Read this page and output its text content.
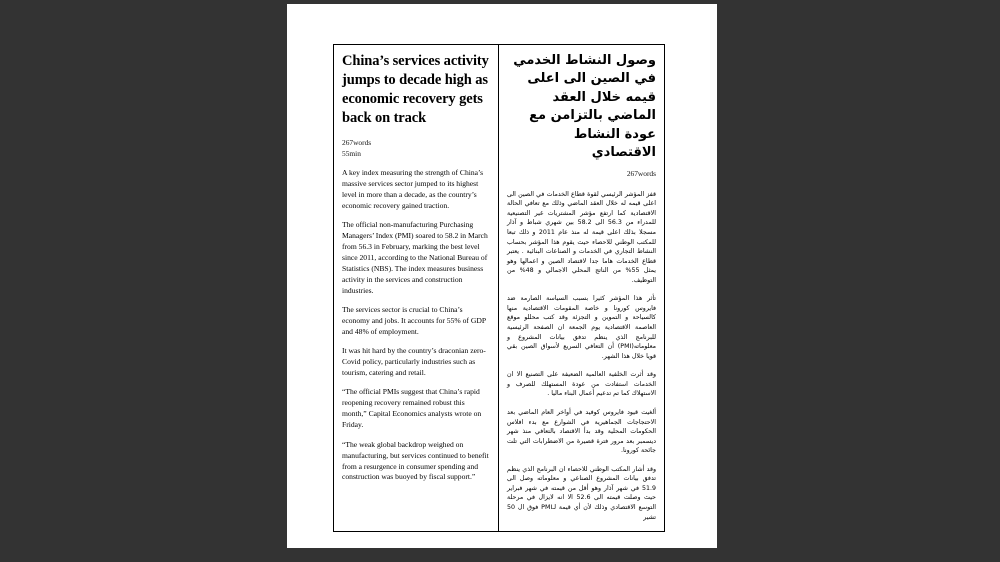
China’s services activity jumps to decade high as economic recovery gets back on track
267words
55min

A key index measuring the strength of China’s massive services sector jumped to its highest level in more than a decade, as the country’s economic recovery gained traction.

The official non-manufacturing Purchasing Managers’ Index (PMI) soared to 58.2 in March from 56.3 in February, marking the best level since 2011, according to the National Bureau of Statistics (NBS). The index measures business activity in the services and construction industries.

The services sector is crucial to China’s economy and jobs. It accounts for 55% of GDP and 48% of employment.

It was hit hard by the country’s draconian zero-Covid policy, particularly industries such as tourism, catering and retail.

“The official PMIs suggest that China’s rapid reopening recovery remained robust this month,” Capital Economics analysts wrote on Friday.

“The weak global backdrop weighed on manufacturing, but services continued to benefit from a resurgence in consumer spending and construction was buoyed by fiscal support.”

وصول النشاط الخدمي في الصين الى اعلى قيمه خلال العقد الماضي بالتزامن مع عودة النشاط الاقتصادي
267words

قفز المؤشر الرئيسي لقوة قطاع الخدمات في الصين الى اعلى قيمه له خلال العقد الماضي وذلك مع تعافي الحالة الاقتصادية كما ارتفع مؤشر المشتريات غير التصنيعية للمدراء من 56.3 الى 58.2 بين شهري شباط و آذار مسجلا بذلك اعلى قيمة له منذ عام 2011 و ذلك تبعا للمكتب الوطني للاحصاء حيث يقوم هذا المؤشر بحساب النشاط التجاري في الخدمات و الصناعات البنائية . يعتبر قطاع الخدمات هاما جدا لاقتصاد الصين و اعمالها وهو يمثل 55% من الناتج المحلي الاجمالي و 48% من التوظيف.

تأثر هذا المؤشر كثيرا بسبب السياسة الصارمة ضد فايروس كورونا و خاصة المقومات الاقتصادية منها كالسياحة و التموين و التجزئة وقد كتب محللو موقع العاصمة الاقتصادية يوم الجمعة ان الصفحة الرئيسية للبرنامج الذي ينظم تدفق بيانات المشروع و معلوماته(PMI) أن التعافي السريع لأسواق الصين بقي قويا خلال هذا الشهر.

وقد أثرت الخلفية العالمية الضعيفة على التصنيع الا ان الخدمات استفادت من عودة المستهلك للصرف و الاستهلاك كما تم تدعيم أعمال البناء ماليا .

ألغيت قيود فايروس كوفيد في أواخر العام الماضي بعد الاحتجاجات الجماهيرية في الشوارع مع بدء افلاس الحكومات المحلية وقد بدأ الاقتصاد بالتعافي منذ شهر ديسمبر بعد مرور فترة قصيرة من الاضطرابات التي تلت جائحة كورونا.

وقد أشار المكتب الوطني للاحصاء ان البرنامج الذي ينظم تدفق بيانات المشروع الصناعي و معلوماته وصل الى 51.9 في شهر آذار وهو أقل من قيمته في شهر فبراير حيث وصلت قيمته الى 52.6 الا انه لايزال في مرحلة التوسع الاقتصادي وذلك لأن أي قيمة لـPMI فوق ال 50 تشير
